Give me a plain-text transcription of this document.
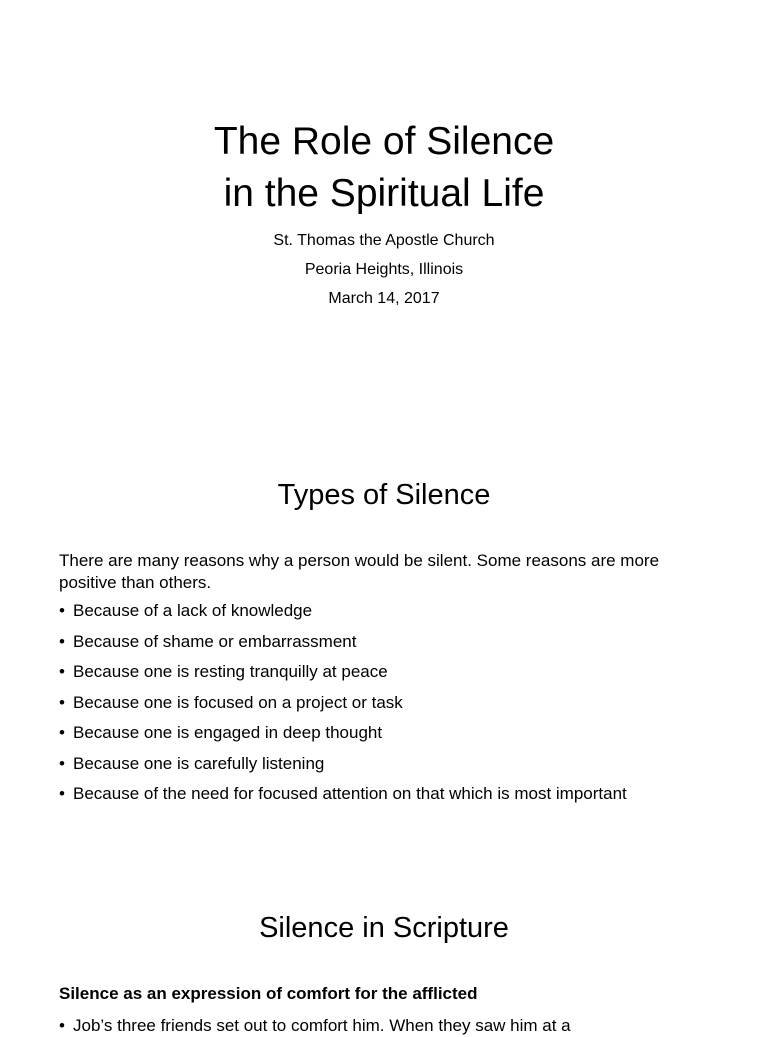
The Role of Silence
in the Spiritual Life
St. Thomas the Apostle Church
Peoria Heights, Illinois
March 14, 2017
Types of Silence

There are many reasons why a person would be silent. Some reasons are more positive than others.

• Because of a lack of knowledge
• Because of shame or embarrassment
• Because one is resting tranquilly at peace
• Because one is focused on a project or task
• Because one is engaged in deep thought
• Because one is carefully listening
• Because of the need for focused attention on that which is most important
Silence in Scripture
Silence as an expression of comfort for the afflicted
• Job’s three friends set out to comfort him. When they saw him at a
